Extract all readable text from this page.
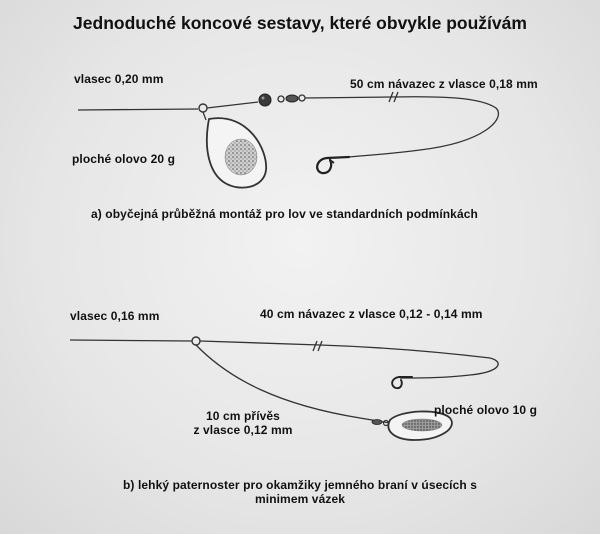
Jednoduché koncové sestavy, které obvykle používám
vlasec 0,20 mm	50 cm návazec z vlasce 0,18 mm
ploché olovo 20 g
a) obyčejná průběžná montáž pro lov ve standardních podmínkách
vlasec 0,16 mm	40 cm návazec z vlasce 0,12 - 0,14 mm
10 cm přívěs
z vlasce 0,12 mm
ploché olovo 10 g
b) lehký paternoster pro okamžiky jemného braní v úsecích s
minimem vázek
